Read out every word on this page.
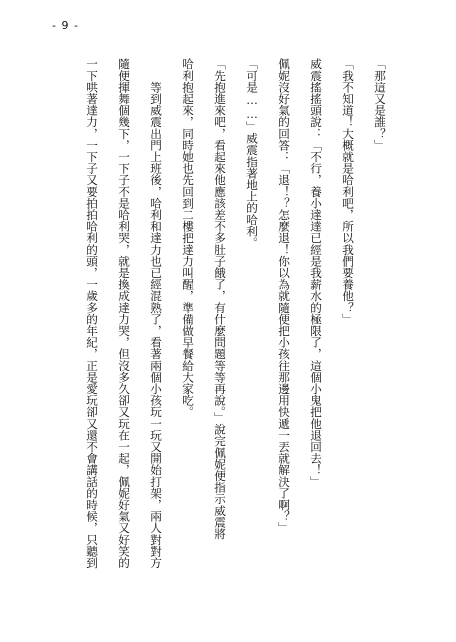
- 9 -
「那這又是誰？」
「我不知道！大概就是哈利吧，所以我們要養他？」
威震搖搖頭說：「不行，養小達達已經是我薪水的極限了，這個小鬼把他退回去！」
佩妮沒好氣的回答：「退！？怎麼退！你以為就隨便把小孩往那邊用快遞一丟就解決了啊？」
「可是……」威震指著地上的哈利。
「先抱進來吧，看起來他應該差不多肚子餓了，有什麼問題等等再說。」說完佩妮便指示威震將
哈利抱起來，同時她也先回到二樓把達力叫醒，準備做早餐給大家吃。
　　等到威震出門上班後，哈利和達力也已經混熟了，看著兩個小孩玩一玩又開始打架，兩人對對方
隨便揮舞個幾下，一下子不是哈利哭，就是換成達力哭，但沒多久卻又玩在一起，佩妮好氣又好笑的
一下哄著達力，一下子又要拍拍哈利的頭，一歲多的年紀，正是愛玩卻又還不會講話的時候，只聽到
